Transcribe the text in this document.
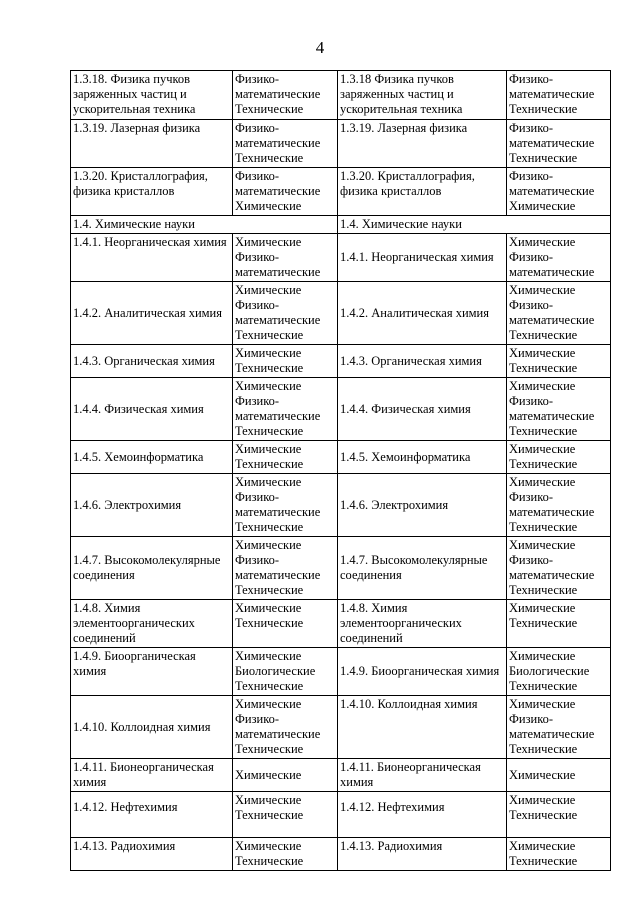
4
1.3.18. Физика пучков заряженных частиц и ускорительная техника	Физико-
математические
Технические	1.3.18 Физика пучков заряженных частиц и ускорительная техника	Физико-
математические
Технические

1.3.19. Лазерная физика	Физико-
математические
Технические	1.3.19. Лазерная физика	Физико-
математические
Технические

1.3.20. Кристаллография, физика кристаллов	Физико-
математические
Химические	1.3.20. Кристаллография, физика кристаллов	Физико-
математические
Химические

1.4. Химические науки		1.4. Химические науки	
1.4.1. Неорганическая химия	Химические
Физико-
математические	1.4.1. Неорганическая химия	Химические
Физико-
математические

1.4.2. Аналитическая химия	Химические
Физико-
математические
Технические	1.4.2. Аналитическая химия	Химические
Физико-
математические
Технические

1.4.3. Органическая химия	Химические
Технические	1.4.3. Органическая химия	Химические
Технические

1.4.4. Физическая химия	Химические
Физико-
математические
Технические	1.4.4. Физическая химия	Химические
Физико-
математические
Технические

1.4.5. Хемоинформатика	Химические
Технические	1.4.5. Хемоинформатика	Химические
Технические

1.4.6. Электрохимия	Химические
Физико-
математические
Технические	1.4.6. Электрохимия	Химические
Физико-
математические
Технические

1.4.7. Высокомолекулярные соединения	Химические
Физико-
математические
Технические	1.4.7. Высокомолекулярные соединения	Химические
Физико-
математические
Технические

1.4.8. Химия элементоорганических соединений	Химические
Технические	1.4.8. Химия элементоорганических соединений	Химические
Технические

1.4.9. Биоорганическая химия	Химические
Биологические
Технические	1.4.9. Биоорганическая химия	Химические
Биологические
Технические

1.4.10. Коллоидная химия	Химические
Физико-
математические
Технические	1.4.10. Коллоидная химия	Химические
Физико-
математические
Технические

1.4.11. Бионеорганическая химия	Химические	1.4.11. Бионеорганическая химия	Химические

1.4.12. Нефтехимия	Химические
Технические	1.4.12. Нефтехимия	Химические
Технические

1.4.13. Радиохимия	Химические
Технические	1.4.13. Радиохимия	Химические
Технические
